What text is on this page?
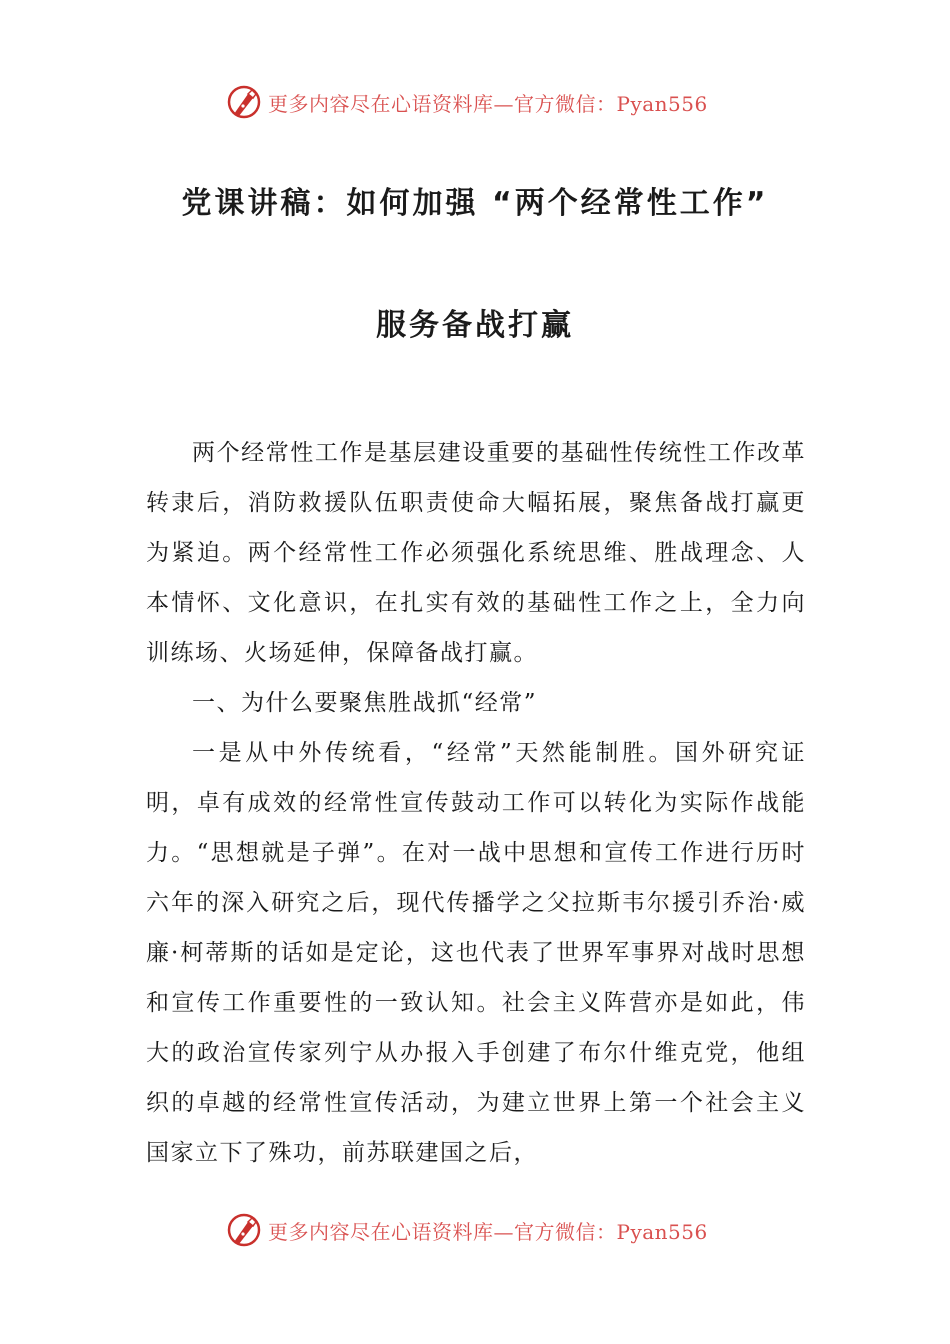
更多内容尽在心语资料库—官方微信：Pyan556
党课讲稿：如何加强 “两个经常性工作”
服务备战打赢

两个经常性工作是基层建设重要的基础性传统性工作改革转隶后，消防救援队伍职责使命大幅拓展，聚焦备战打赢更为紧迫。两个经常性工作必须强化系统思维、胜战理念、人本情怀、文化意识，在扎实有效的基础性工作之上，全力向训练场、火场延伸，保障备战打赢。

一、为什么要聚焦胜战抓“经常”

一是从中外传统看，“经常”天然能制胜。国外研究证明，卓有成效的经常性宣传鼓动工作可以转化为实际作战能力。“思想就是子弹”。在对一战中思想和宣传工作进行历时六年的深入研究之后，现代传播学之父拉斯韦尔援引乔治·威廉·柯蒂斯的话如是定论，这也代表了世界军事界对战时思想和宣传工作重要性的一致认知。社会主义阵营亦是如此，伟大的政治宣传家列宁从办报入手创建了布尔什维克党，他组织的卓越的经常性宣传活动，为建立世界上第一个社会主义国家立下了殊功，前苏联建国之后，

更多内容尽在心语资料库—官方微信：Pyan556
